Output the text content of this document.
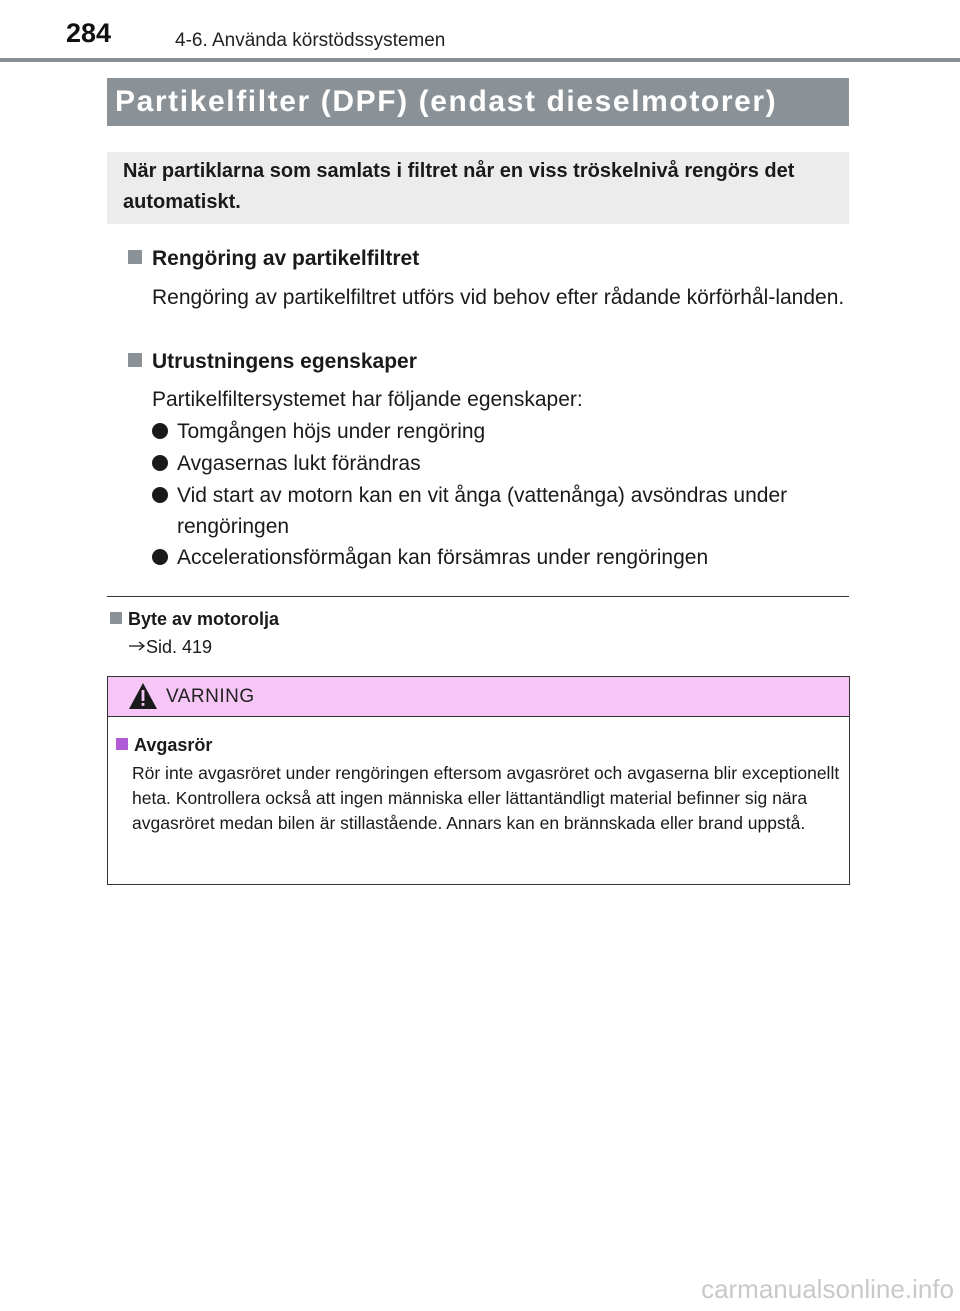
284	4-6. Använda körstödssystemen
Partikelfilter (DPF) (endast dieselmotorer)
När partiklarna som samlats i filtret når en viss tröskelnivå rengörs det automatiskt.
Rengöring av partikelfiltret
Rengöring av partikelfiltret utförs vid behov efter rådande körförhål-landen.
Utrustningens egenskaper
Partikelfiltersystemet har följande egenskaper:
Tomgången höjs under rengöring
Avgasernas lukt förändras
Vid start av motorn kan en vit ånga (vattenånga) avsöndras under rengöringen
Accelerationsförmågan kan försämras under rengöringen
Byte av motorolja
Sid. 419
VARNING
Avgasrör
Rör inte avgasröret under rengöringen eftersom avgasröret och avgaserna blir exceptionellt heta. Kontrollera också att ingen människa eller lättantändligt material befinner sig nära avgasröret medan bilen är stillastående. Annars kan en brännskada eller brand uppstå.
carmanualsonline.info
